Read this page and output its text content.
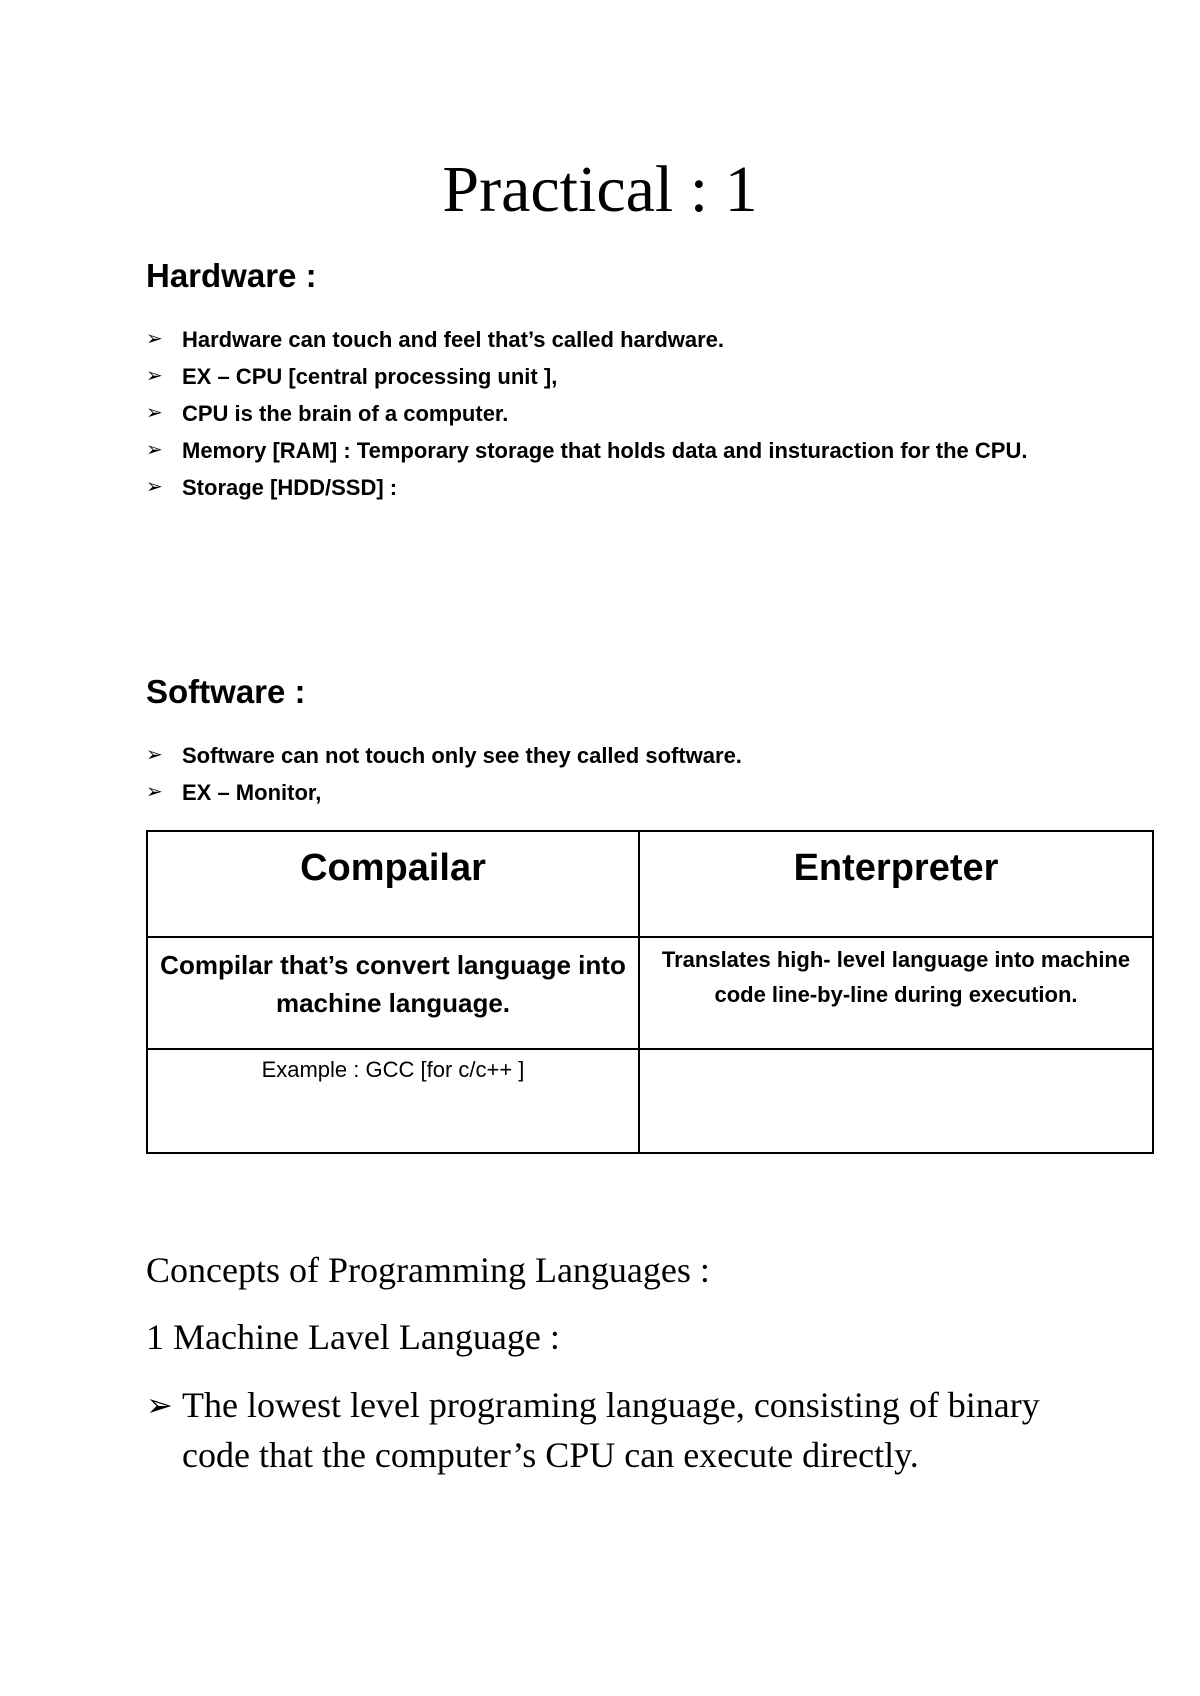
Practical : 1
Hardware :
➢ Hardware can touch and feel that’s called hardware.
➢ EX – CPU [central processing unit ],
➢ CPU is the brain of a computer.
➢ Memory [RAM] : Temporary storage that holds data and insturaction for the CPU.
➢ Storage [HDD/SSD] :
Software :
➢ Software can not touch only see they called software.
➢ EX – Monitor,
Compailar	Enterpreter
Compilar that’s convert language into machine language.	Translates high- level language into machine code line-by-line during execution.
Example : GCC [for c/c++ ]	

Concepts of Programming Languages :

1 Machine Lavel Language :

➢ The lowest level programing language, consisting of binary code that the computer’s CPU can execute directly.
